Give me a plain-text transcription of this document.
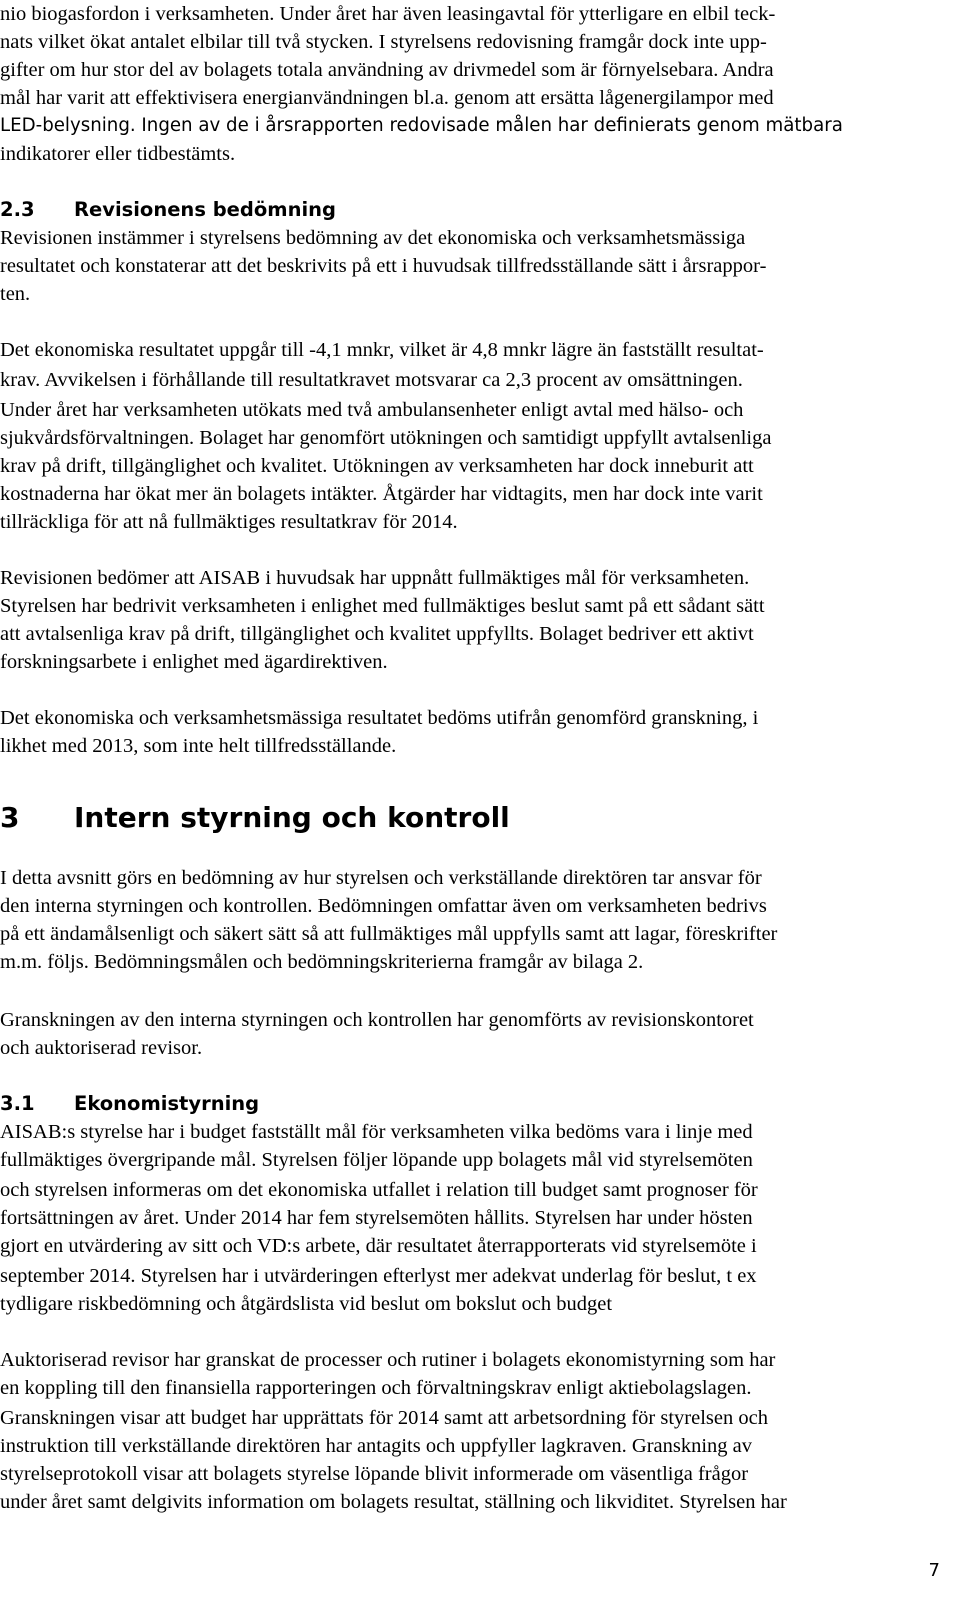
nio biogasfordon i verksamheten. Under året har även leasingavtal för ytterligare en elbil teck-
nats vilket ökat antalet elbilar till två stycken. I styrelsens redovisning framgår dock inte upp-
gifter om hur stor del av bolagets totala användning av drivmedel som är förnyelsebara. Andra
mål har varit att effektivisera energianvändningen bl.a. genom att ersätta lågenergilampor med
LED-belysning. Ingen av de i årsrapporten redovisade målen har definierats genom mätbara
indikatorer eller tidbestämts.
2.3 Revisionens bedömning
Revisionen instämmer i styrelsens bedömning av det ekonomiska och verksamhetsmässiga
resultatet och konstaterar att det beskrivits på ett i huvudsak tillfredsställande sätt i årsrappor-
ten.
Det ekonomiska resultatet uppgår till -4,1 mnkr, vilket är 4,8 mnkr lägre än fastställt resultat-
krav. Avvikelsen i förhållande till resultatkravet motsvarar ca 2,3 procent av omsättningen.
Under året har verksamheten utökats med två ambulansenheter enligt avtal med hälso- och
sjukvårdsförvaltningen. Bolaget har genomfört utökningen och samtidigt uppfyllt avtalsenliga
krav på drift, tillgänglighet och kvalitet. Utökningen av verksamheten har dock inneburit att
kostnaderna har ökat mer än bolagets intäkter. Åtgärder har vidtagits, men har dock inte varit
tillräckliga för att nå fullmäktiges resultatkrav för 2014.
Revisionen bedömer att AISAB i huvudsak har uppnått fullmäktiges mål för verksamheten.
Styrelsen har bedrivit verksamheten i enlighet med fullmäktiges beslut samt på ett sådant sätt
att avtalsenliga krav på drift, tillgänglighet och kvalitet uppfyllts. Bolaget bedriver ett aktivt
forskningsarbete i enlighet med ägardirektiven.
Det ekonomiska och verksamhetsmässiga resultatet bedöms utifrån genomförd granskning, i
likhet med 2013, som inte helt tillfredsställande.
3 Intern styrning och kontroll
I detta avsnitt görs en bedömning av hur styrelsen och verkställande direktören tar ansvar för
den interna styrningen och kontrollen. Bedömningen omfattar även om verksamheten bedrivs
på ett ändamålsenligt och säkert sätt så att fullmäktiges mål uppfylls samt att lagar, föreskrifter
m.m. följs. Bedömningsmålen och bedömningskriterierna framgår av bilaga 2.
Granskningen av den interna styrningen och kontrollen har genomförts av revisionskontoret
och auktoriserad revisor.
3.1 Ekonomistyrning
AISAB:s styrelse har i budget fastställt mål för verksamheten vilka bedöms vara i linje med
fullmäktiges övergripande mål. Styrelsen följer löpande upp bolagets mål vid styrelsemöten
och styrelsen informeras om det ekonomiska utfallet i relation till budget samt prognoser för
fortsättningen av året. Under 2014 har fem styrelsemöten hållits. Styrelsen har under hösten
gjort en utvärdering av sitt och VD:s arbete, där resultatet återrapporterats vid styrelsemöte i
september 2014. Styrelsen har i utvärderingen efterlyst mer adekvat underlag för beslut, t ex
tydligare riskbedömning och åtgärdslista vid beslut om bokslut och budget
Auktoriserad revisor har granskat de processer och rutiner i bolagets ekonomistyrning som har
en koppling till den finansiella rapporteringen och förvaltningskrav enligt aktiebolagslagen.
Granskningen visar att budget har upprättats för 2014 samt att arbetsordning för styrelsen och
instruktion till verkställande direktören har antagits och uppfyller lagkraven. Granskning av
styrelseprotokoll visar att bolagets styrelse löpande blivit informerade om väsentliga frågor
under året samt delgivits information om bolagets resultat, ställning och likviditet. Styrelsen har
7
